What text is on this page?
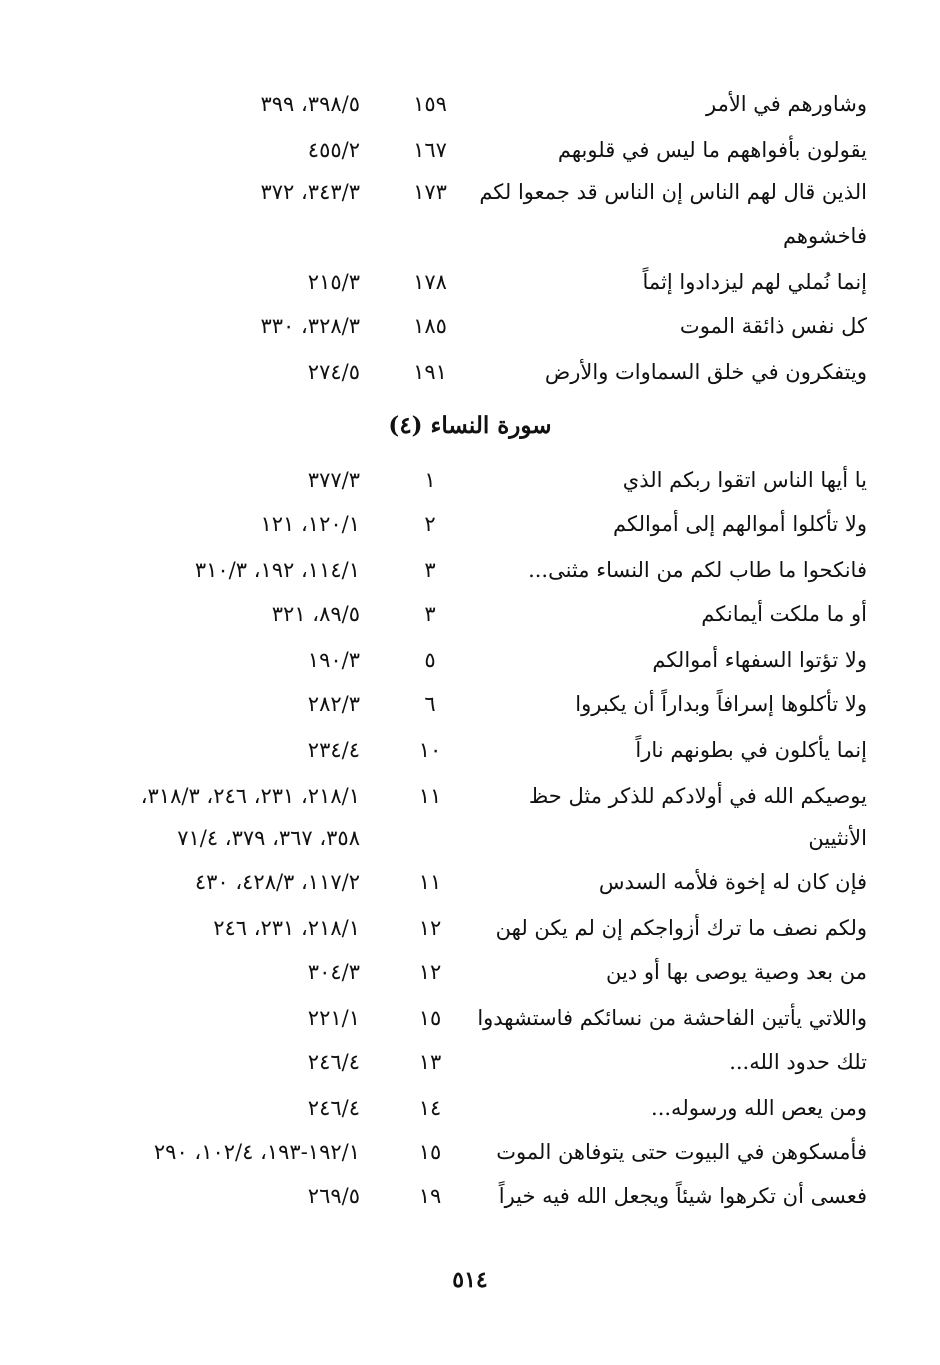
وشاورهم في الأمر
١٥٩
٣٩٨/٥، ٣٩٩
يقولون بأفواههم ما ليس في قلوبهم
١٦٧
٤٥٥/٢
الذين قال لهم الناس إن الناس قد جمعوا لكم
١٧٣
٣٤٣/٣، ٣٧٢
فاخشوهم
إنما نُملي لهم ليزدادوا إثماً
١٧٨
٢١٥/٣
كل نفس ذائقة الموت
١٨٥
٣٢٨/٣، ٣٣٠
ويتفكرون في خلق السماوات والأرض
١٩١
٢٧٤/٥
سورة النساء (٤)
يا أيها الناس اتقوا ربكم الذي
١
٣٧٧/٣
ولا تأكلوا أموالهم إلى أموالكم
٢
١٢٠/١، ١٢١
فانكحوا ما طاب لكم من النساء مثنى...
٣
١١٤/١، ١٩٢، ٣١٠/٣
أو ما ملكت أيمانكم
٣
٨٩/٥، ٣٢١
ولا تؤتوا السفهاء أموالكم
٥
١٩٠/٣
ولا تأكلوها إسرافاً وبداراً أن يكبروا
٦
٢٨٢/٣
إنما يأكلون في بطونهم ناراً
١٠
٢٣٤/٤
يوصيكم الله في أولادكم للذكر مثل حظ
١١
٢١٨/١، ٢٣١، ٢٤٦، ٣١٨/٣،
الأنثيين
٣٥٨، ٣٦٧، ٣٧٩، ٧١/٤
فإن كان له إخوة فلأمه السدس
١١
١١٧/٢، ٤٢٨/٣، ٤٣٠
ولكم نصف ما ترك أزواجكم إن لم يكن لهن
١٢
٢١٨/١، ٢٣١، ٢٤٦
من بعد وصية يوصى بها أو دين
١٢
٣٠٤/٣
واللاتي يأتين الفاحشة من نسائكم فاستشهدوا
١٥
٢٢١/١
تلك حدود الله...
١٣
٢٤٦/٤
ومن يعص الله ورسوله...
١٤
٢٤٦/٤
فأمسكوهن في البيوت حتى يتوفاهن الموت
١٥
١٩٢/١-١٩٣، ١٠٢/٤، ٢٩٠
فعسى أن تكرهوا شيئاً ويجعل الله فيه خيراً
١٩
٢٦٩/٥
٥١٤
